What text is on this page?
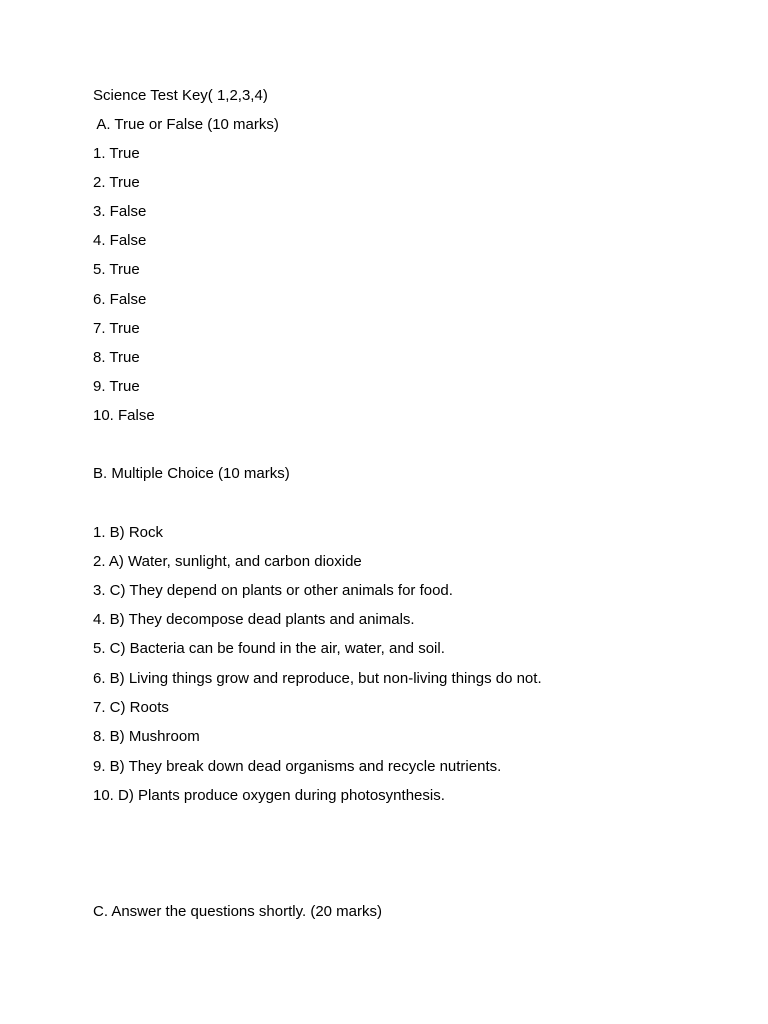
Science Test Key( 1,2,3,4)
A. True or False (10 marks)
1. True
2. True
3. False
4. False
5. True
6. False
7. True
8. True
9. True
10. False
B. Multiple Choice (10 marks)
1. B) Rock
2. A) Water, sunlight, and carbon dioxide
3. C) They depend on plants or other animals for food.
4. B) They decompose dead plants and animals.
5. C) Bacteria can be found in the air, water, and soil.
6. B) Living things grow and reproduce, but non-living things do not.
7. C) Roots
8. B) Mushroom
9. B) They break down dead organisms and recycle nutrients.
10. D) Plants produce oxygen during photosynthesis.
C. Answer the questions shortly. (20 marks)
